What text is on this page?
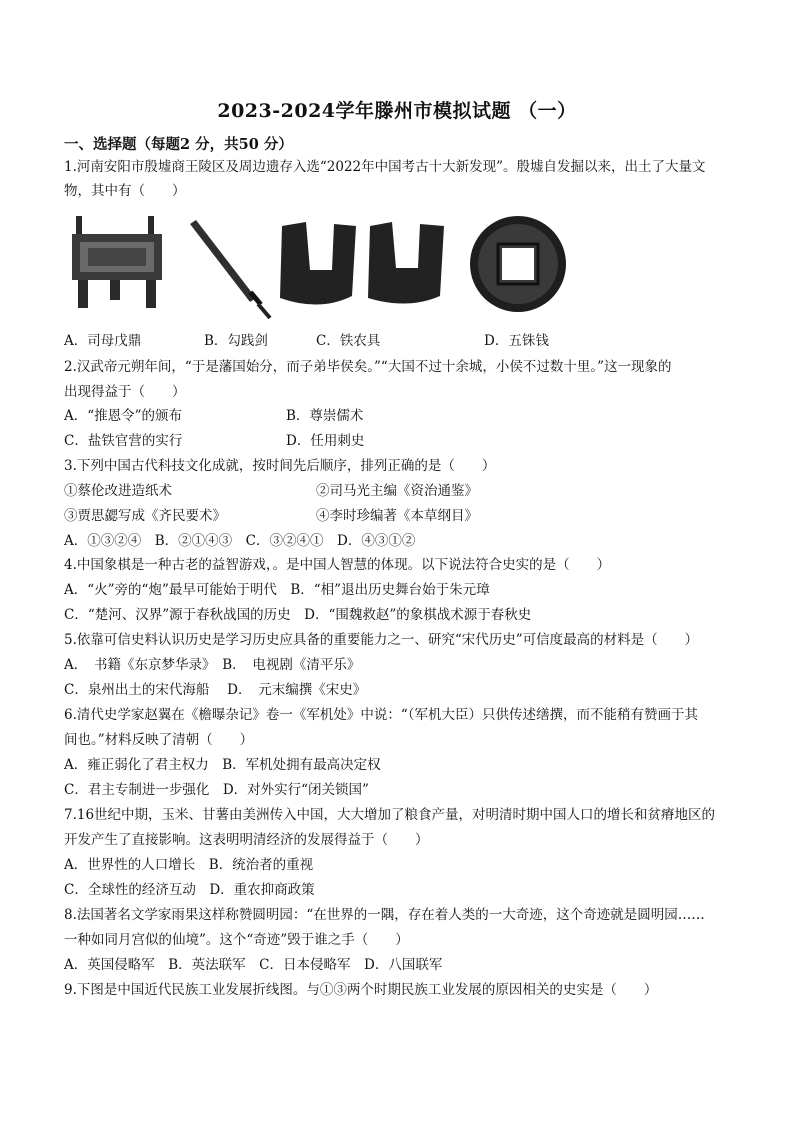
2023-2024学年滕州市模拟试题 （一）
一、选择题（每题2 分，共50 分）
1.河南安阳市殷墟商王陵区及周边遗存入选“2022年中国考古十大新发现”。殷墟自发掘以来，出土了大量文
物，其中有（　　）
A．司母戊鼎	B．勾践剑	C．铁农具	D．五铢钱
2.汉武帝元朔年间，“于是藩国始分，而子弟毕侯矣。”“大国不过十余城，小侯不过数十里。”这一现象的
出现得益于（　　）
A．“推恩令”的颁布	B．尊崇儒术
C．盐铁官营的实行	D．任用刺史
3.下列中国古代科技文化成就，按时间先后顺序，排列正确的是（　　）
①蔡伦改进造纸术	②司马光主编《资治通鉴》
③贾思勰写成《齐民要术》	④李时珍编著《本草纲目》
A．①③②④　B．②①④③　C．③②④①　D．④③①②
4.中国象棋是一种古老的益智游戏，。是中国人智慧的体现。以下说法符合史实的是（　　）
A．“火”旁的“炮”最早可能始于明代　B．“相”退出历史舞台始于朱元璋
C．“楚河、汉界”源于春秋战国的历史　D．“围魏救赵”的象棋战术源于春秋史
5.依靠可信史料认识历史是学习历史应具备的重要能力之一、研究“宋代历史”可信度最高的材料是（　　）
A．　书籍《东京梦华录》　B．　电视剧《清平乐》
C．泉州出土的宋代海船　 D．　元末编撰《宋史》
6.清代史学家赵翼在《檐曝杂记》卷一《军机处》中说：“（军机大臣）只供传述缮撰，而不能稍有赞画于其
间也。”材料反映了清朝（　　）
A．雍正弱化了君主权力　B．军机处拥有最高决定权
C．君主专制进一步强化　D．对外实行“闭关锁国”
7.16世纪中期，玉米、甘薯由美洲传入中国，大大增加了粮食产量，对明清时期中国人口的增长和贫瘠地区的
开发产生了直接影响。这表明明清经济的发展得益于（　　）
A．世界性的人口增长　B．统治者的重视
C．全球性的经济互动　D．重农抑商政策
8.法国著名文学家雨果这样称赞圆明园：“在世界的一隅，存在着人类的一大奇迹，这个奇迹就是圆明园……
一种如同月宫似的仙境”。这个“奇迹”毁于谁之手（　　）
A．英国侵略军　B．英法联军　C．日本侵略军　D．八国联军
9.下图是中国近代民族工业发展折线图。与①③两个时期民族工业发展的原因相关的史实是（　　）
